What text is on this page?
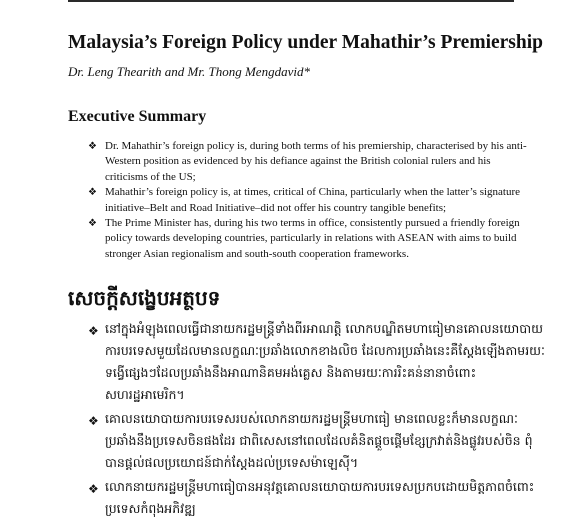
Malaysia’s Foreign Policy under Mahathir’s Premiership
Dr. Leng Thearith and Mr. Thong Mengdavid*
Executive Summary
❖ Dr. Mahathir’s foreign policy is, during both terms of his premiership, characterised by his anti-Western position as evidenced by his defiance against the British colonial rulers and his criticisms of the US;
❖ Mahathir’s foreign policy is, at times, critical of China, particularly when the latter’s signature initiative–Belt and Road Initiative–did not offer his country tangible benefits;
❖ The Prime Minister has, during his two terms in office, consistently pursued a friendly foreign policy towards developing countries, particularly in relations with ASEAN with aims to build stronger Asian regionalism and south-south cooperation frameworks.
សេចក្តីសង្ខេបអត្ថបទ
❖ នៅក្នុងអំឡុងពេលធ្វើជានាយករដ្ឋមន្ត្រីទាំងពីរអាណត្តិ លោកបណ្ឌិតមហាធៀមានគោលនយោបាយការបរទេសមួយដែលមានលក្ខណៈប្រឆាំងលោកខាងលិច ដែលការប្រឆាំងនេះគឺស្តែងឡើងតាមរយៈទង្វើផ្សេងៗដែលប្រឆាំងនឹងអាណានិគមអង់គ្លេស និងតាមរយៈការរិះគន់នានាចំពោះសហរដ្ឋអាមេរិក។
❖ គោលនយោបាយការបរទេសរបស់លោកនាយករដ្ឋមន្ត្រីមហាធៀ មានពេលខ្លះក៏មានលក្ខណៈប្រឆាំងនឹងប្រទេសចិនផងដែរ ជាពិសេសនៅពេលដែលគំនិតផ្តួចផ្តើមខ្សែក្រវាត់និងផ្លូវរបស់ចិន ពុំបានផ្តល់ផលប្រយោជន៍ជាក់ស្តែងដល់ប្រទេសម៉ាឡេស៊ី។
❖ លោកនាយករដ្ឋមន្ត្រីមហាធៀបានអនុវត្តគោលនយោបាយការបរទេសប្រកបដោយមិត្តភាពចំពោះប្រទេសកំពុងអភិវឌ្ឍ
